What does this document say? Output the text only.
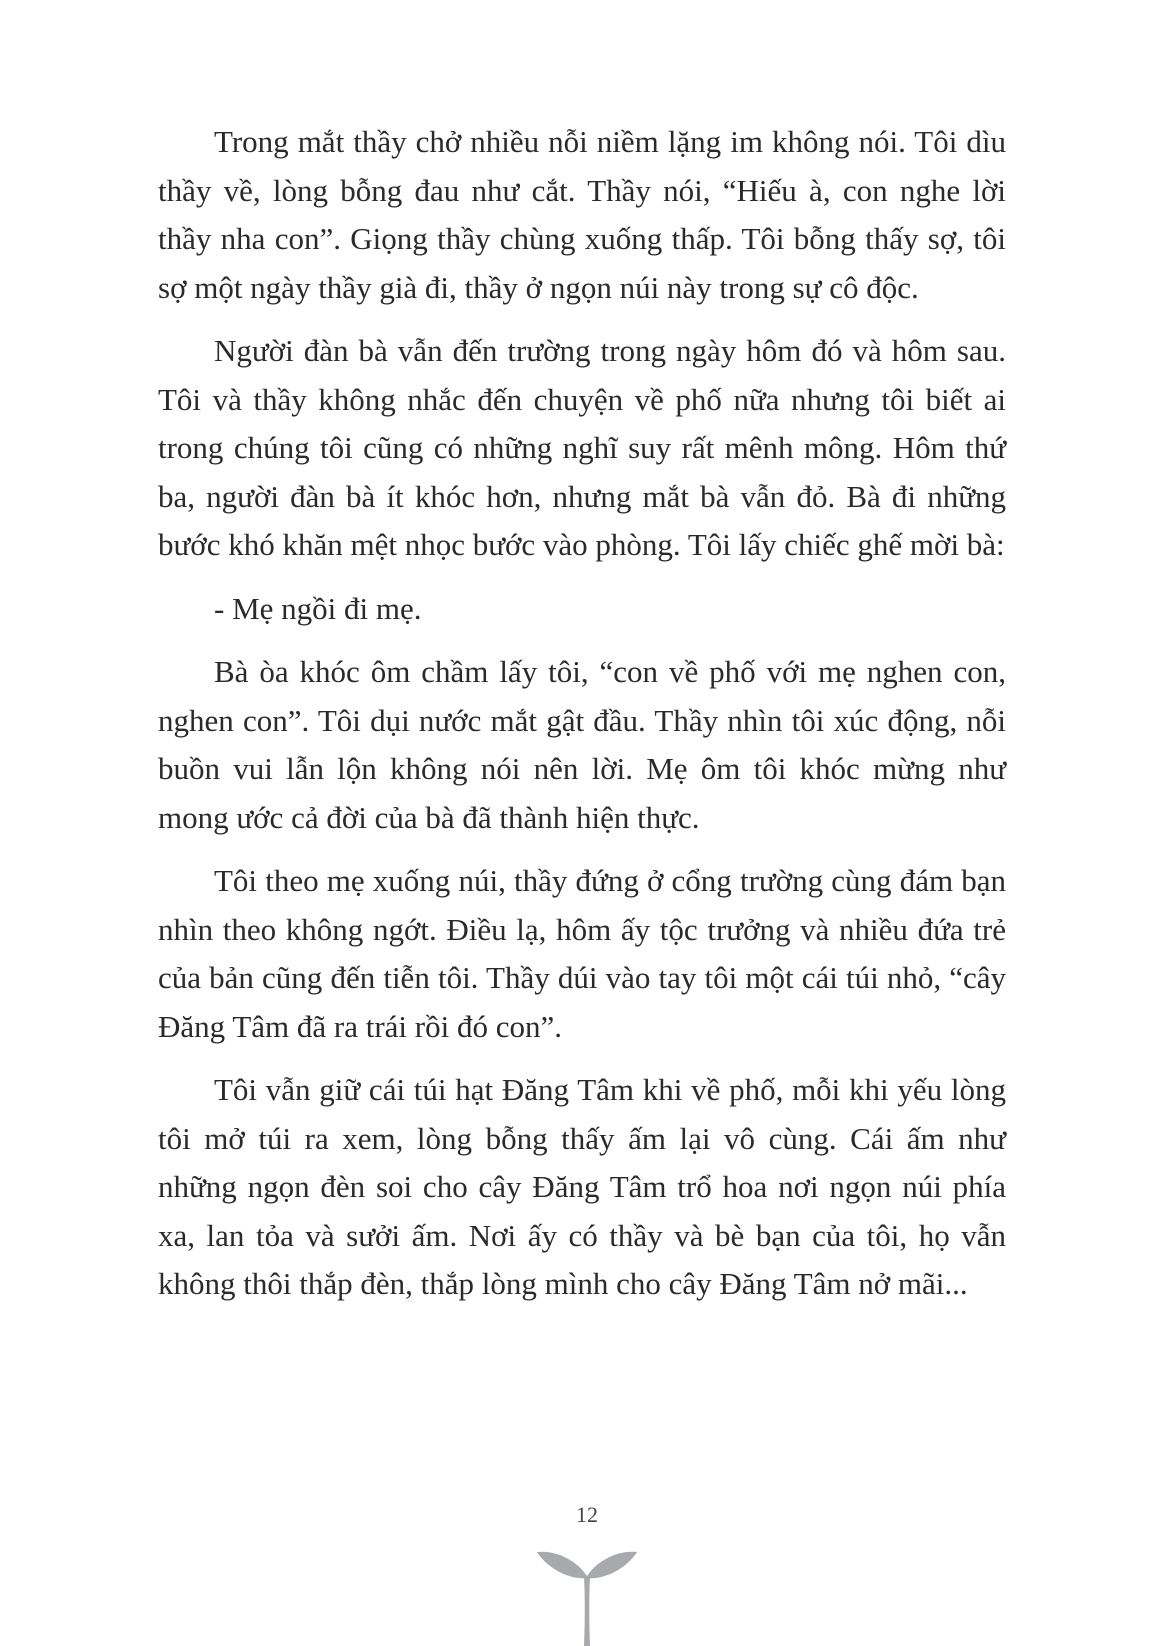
Trong mắt thầy chở nhiều nỗi niềm lặng im không nói. Tôi dìu thầy về, lòng bỗng đau như cắt. Thầy nói, “Hiếu à, con nghe lời thầy nha con”. Giọng thầy chùng xuống thấp. Tôi bỗng thấy sợ, tôi sợ một ngày thầy già đi, thầy ở ngọn núi này trong sự cô độc.

Người đàn bà vẫn đến trường trong ngày hôm đó và hôm sau. Tôi và thầy không nhắc đến chuyện về phố nữa nhưng tôi biết ai trong chúng tôi cũng có những nghĩ suy rất mênh mông. Hôm thứ ba, người đàn bà ít khóc hơn, nhưng mắt bà vẫn đỏ. Bà đi những bước khó khăn mệt nhọc bước vào phòng. Tôi lấy chiếc ghế mời bà:

- Mẹ ngồi đi mẹ.

Bà òa khóc ôm chầm lấy tôi, “con về phố với mẹ nghen con, nghen con”. Tôi dụi nước mắt gật đầu. Thầy nhìn tôi xúc động, nỗi buồn vui lẫn lộn không nói nên lời. Mẹ ôm tôi khóc mừng như mong ước cả đời của bà đã thành hiện thực.

Tôi theo mẹ xuống núi, thầy đứng ở cổng trường cùng đám bạn nhìn theo không ngớt. Điều lạ, hôm ấy tộc trưởng và nhiều đứa trẻ của bản cũng đến tiễn tôi. Thầy dúi vào tay tôi một cái túi nhỏ, “cây Đăng Tâm đã ra trái rồi đó con”.

Tôi vẫn giữ cái túi hạt Đăng Tâm khi về phố, mỗi khi yếu lòng tôi mở túi ra xem, lòng bỗng thấy ấm lại vô cùng. Cái ấm như những ngọn đèn soi cho cây Đăng Tâm trổ hoa nơi ngọn núi phía xa, lan tỏa và sưởi ấm. Nơi ấy có thầy và bè bạn của tôi, họ vẫn không thôi thắp đèn, thắp lòng mình cho cây Đăng Tâm nở mãi...

12
